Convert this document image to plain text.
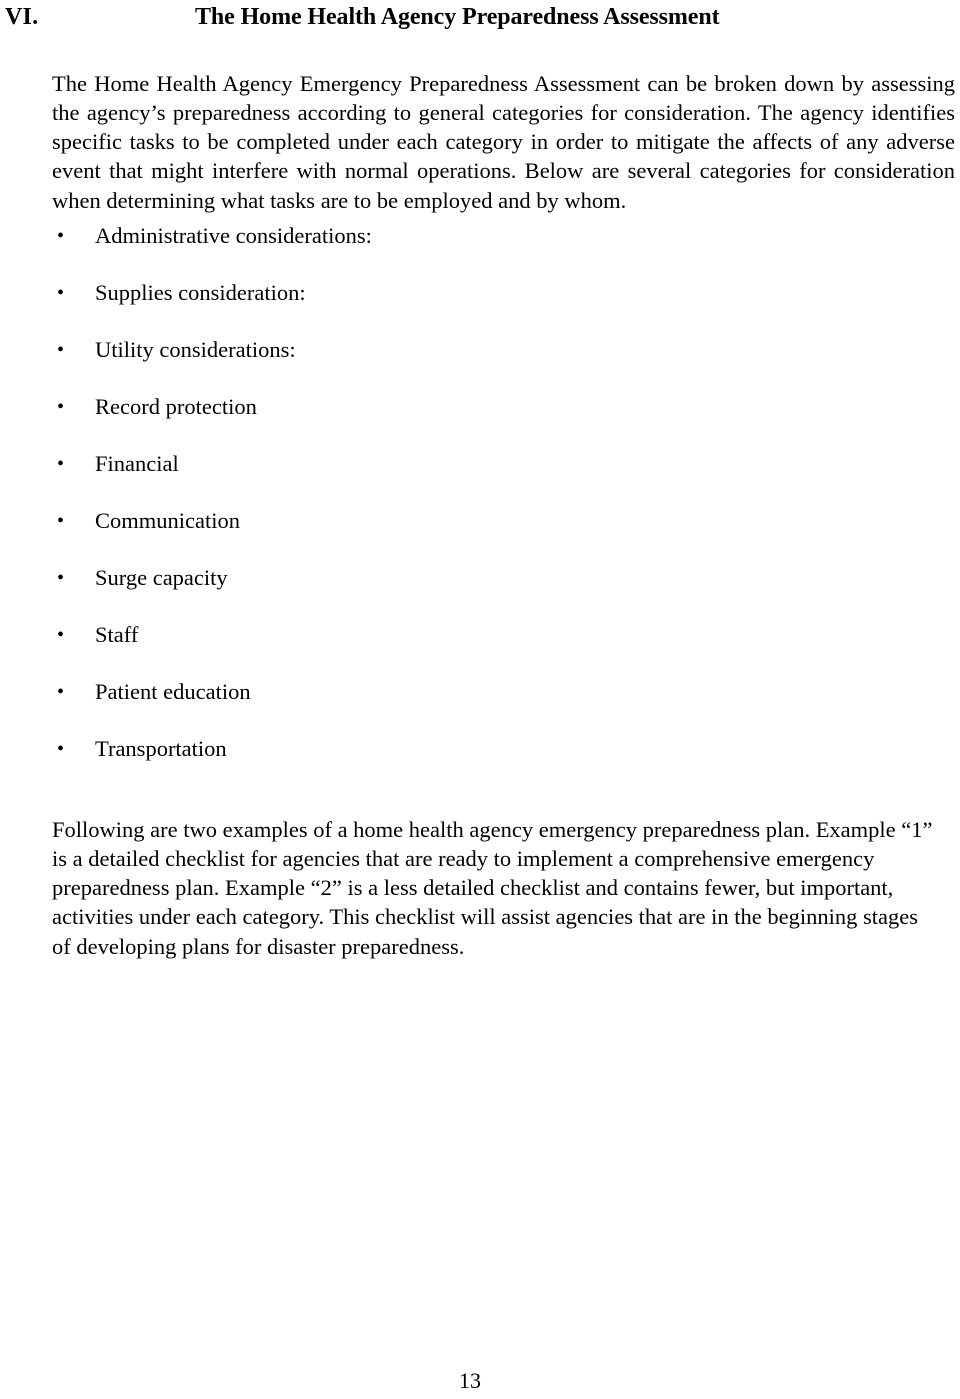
VI.	The Home Health Agency Preparedness Assessment

The Home Health Agency Emergency Preparedness Assessment can be broken down by assessing the agency’s preparedness according to general categories for consideration. The agency identifies specific tasks to be completed under each category in order to mitigate the affects of any adverse event that might interfere with normal operations. Below are several categories for consideration when determining what tasks are to be employed and by whom.

• Administrative considerations:
• Supplies consideration:
• Utility considerations:
• Record protection
• Financial
• Communication
• Surge capacity
• Staff
• Patient education
• Transportation

Following are two examples of a home health agency emergency preparedness plan. Example “1” is a detailed checklist for agencies that are ready to implement a comprehensive emergency preparedness plan. Example “2” is a less detailed checklist and contains fewer, but important, activities under each category. This checklist will assist agencies that are in the beginning stages of developing plans for disaster preparedness.

13
